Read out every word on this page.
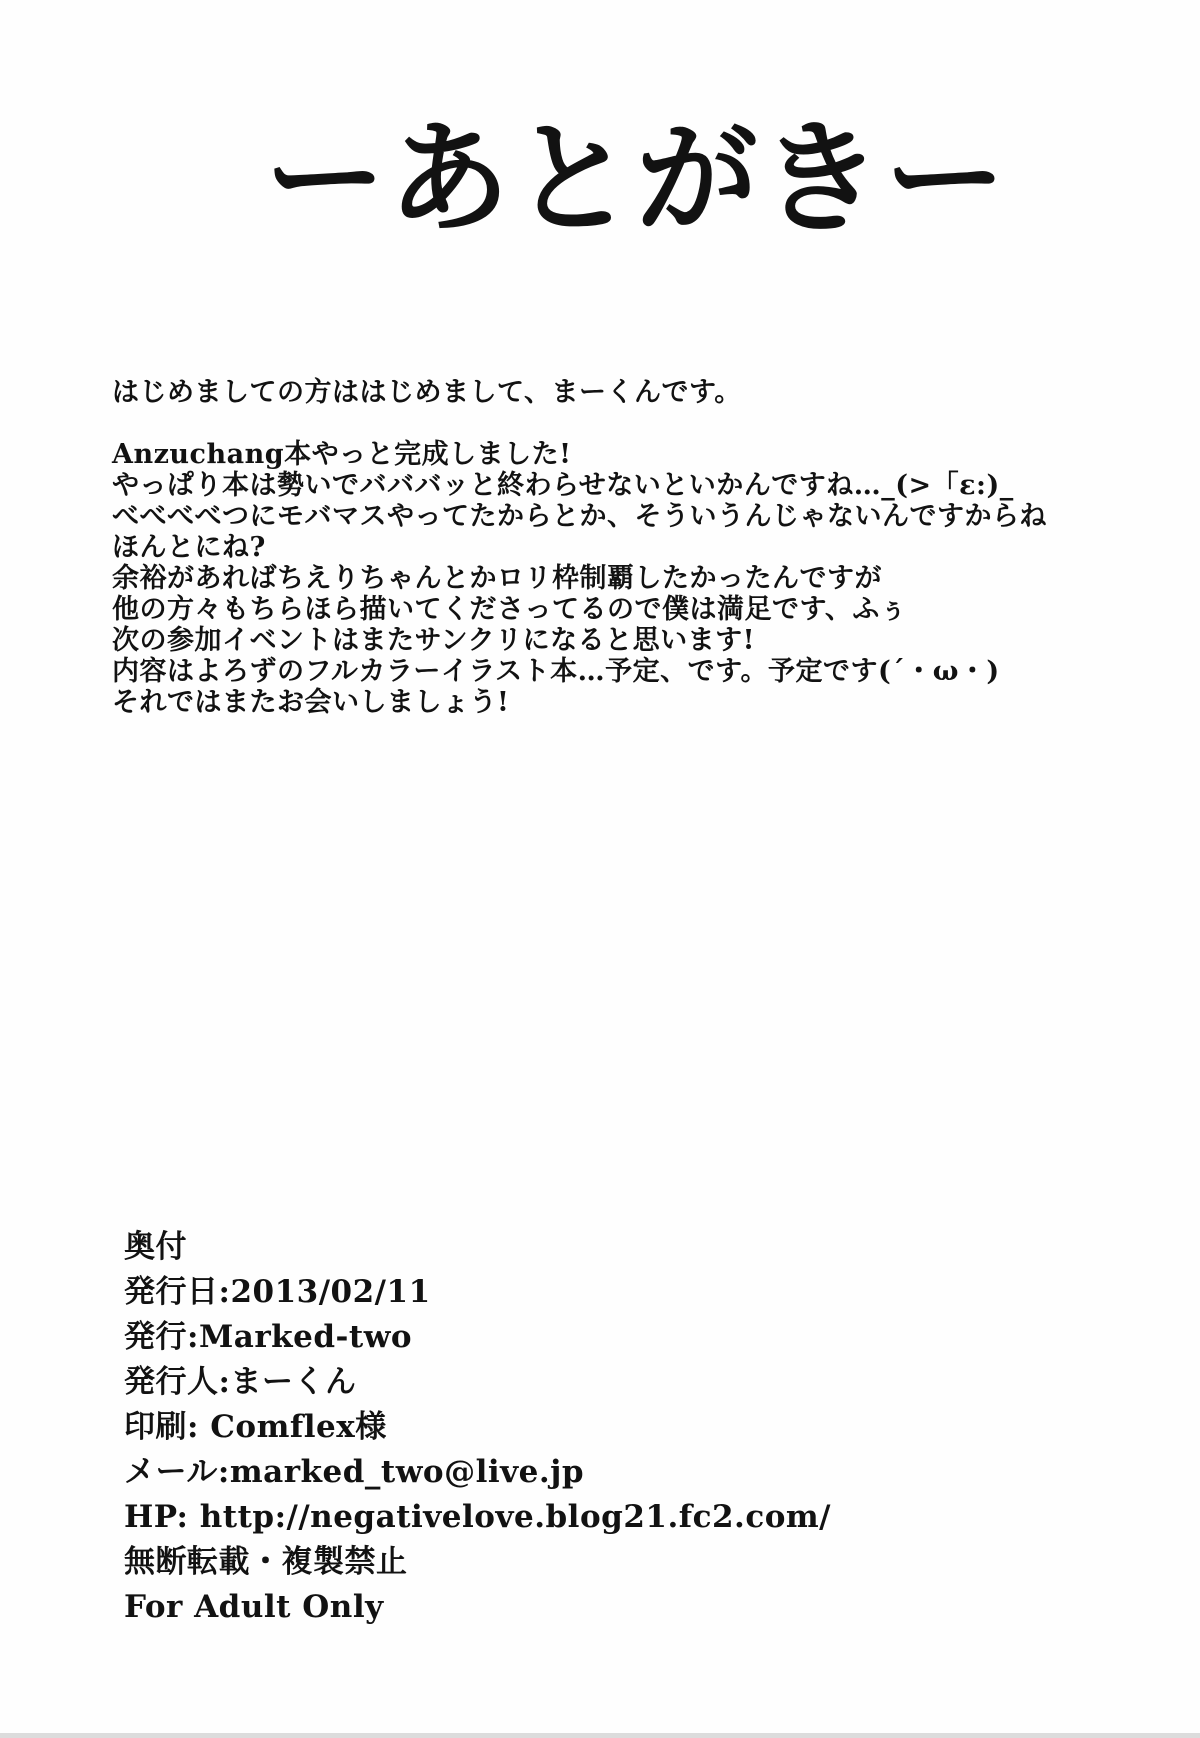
ーあとがきー
はじめましての方ははじめまして、まーくんです。

Anzuchang本やっと完成しました!
やっぱり本は勢いでバババッと終わらせないといかんですね…_(>「ε:)_
べべべべつにモバマスやってたからとか、そういうんじゃないんですからね
ほんとにね?
余裕があればちえりちゃんとかロリ枠制覇したかったんですが
他の方々もちらほら描いてくださってるので僕は満足です、ふぅ
次の参加イベントはまたサンクリになると思います!
内容はよろずのフルカラーイラスト本…予定、です。予定です(´・ω・)
それではまたお会いしましょう!
奥付
発行日:2013/02/11
発行:Marked-two
発行人:まーくん
印刷: Comflex様
メール:marked_two@live.jp
HP: http://negativelove.blog21.fc2.com/
無断転載・複製禁止
For Adult Only
